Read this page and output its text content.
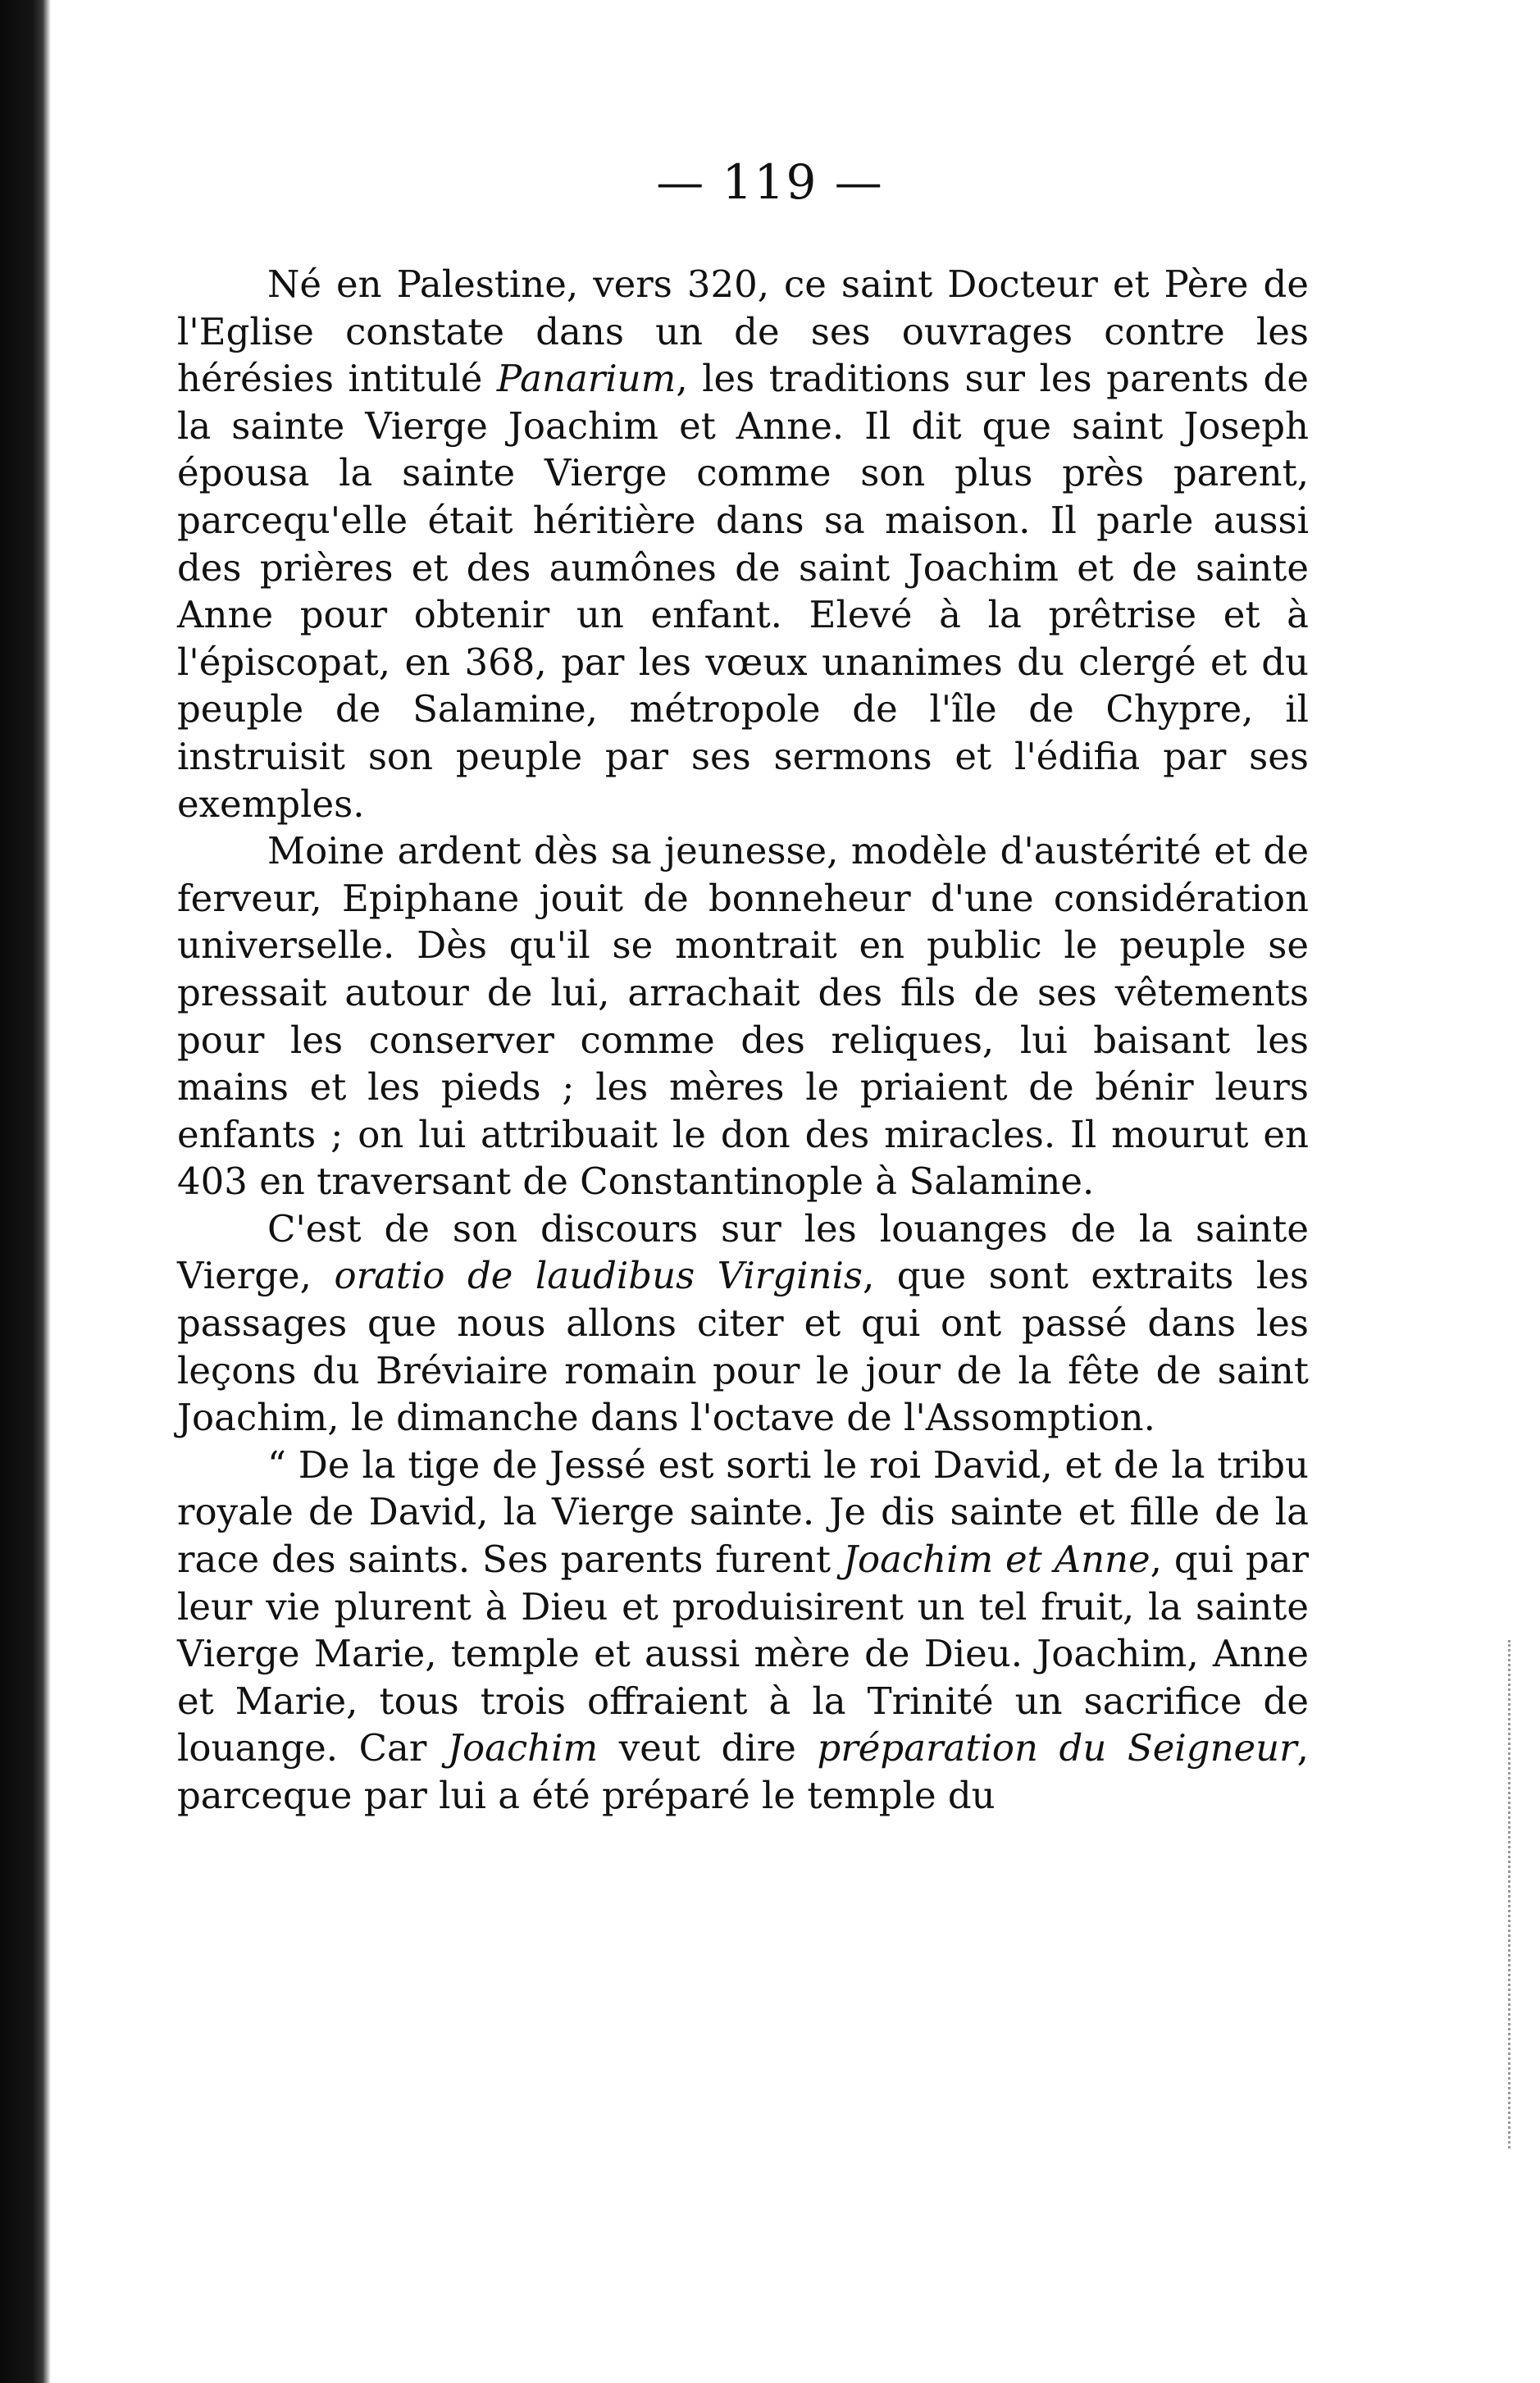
— 119 —

Né en Palestine, vers 320, ce saint Docteur et Père de l'Eglise constate dans un de ses ouvrages contre les hérésies intitulé Panarium, les traditions sur les parents de la sainte Vierge Joachim et Anne. Il dit que saint Joseph épousa la sainte Vierge comme son plus près parent, parcequ'elle était héritière dans sa maison. Il parle aussi des prières et des aumônes de saint Joachim et de sainte Anne pour obtenir un enfant. Elevé à la prêtrise et à l'épiscopat, en 368, par les vœux unanimes du clergé et du peuple de Salamine, métropole de l'île de Chypre, il instruisit son peuple par ses sermons et l'édifia par ses exemples.

Moine ardent dès sa jeunesse, modèle d'austérité et de ferveur, Epiphane jouit de bonneheur d'une considération universelle. Dès qu'il se montrait en public le peuple se pressait autour de lui, arrachait des fils de ses vêtements pour les conserver comme des reliques, lui baisant les mains et les pieds ; les mères le priaient de bénir leurs enfants ; on lui attribuait le don des miracles. Il mourut en 403 en traversant de Constantinople à Salamine.

C'est de son discours sur les louanges de la sainte Vierge, oratio de laudibus Virginis, que sont extraits les passages que nous allons citer et qui ont passé dans les leçons du Bréviaire romain pour le jour de la fête de saint Joachim, le dimanche dans l'octave de l'Assomption.

“ De la tige de Jessé est sorti le roi David, et de la tribu royale de David, la Vierge sainte. Je dis sainte et fille de la race des saints. Ses parents furent Joachim et Anne, qui par leur vie plurent à Dieu et produisirent un tel fruit, la sainte Vierge Marie, temple et aussi mère de Dieu. Joachim, Anne et Marie, tous trois offraient à la Trinité un sacrifice de louange. Car Joachim veut dire préparation du Seigneur, parceque par lui a été préparé le temple du
